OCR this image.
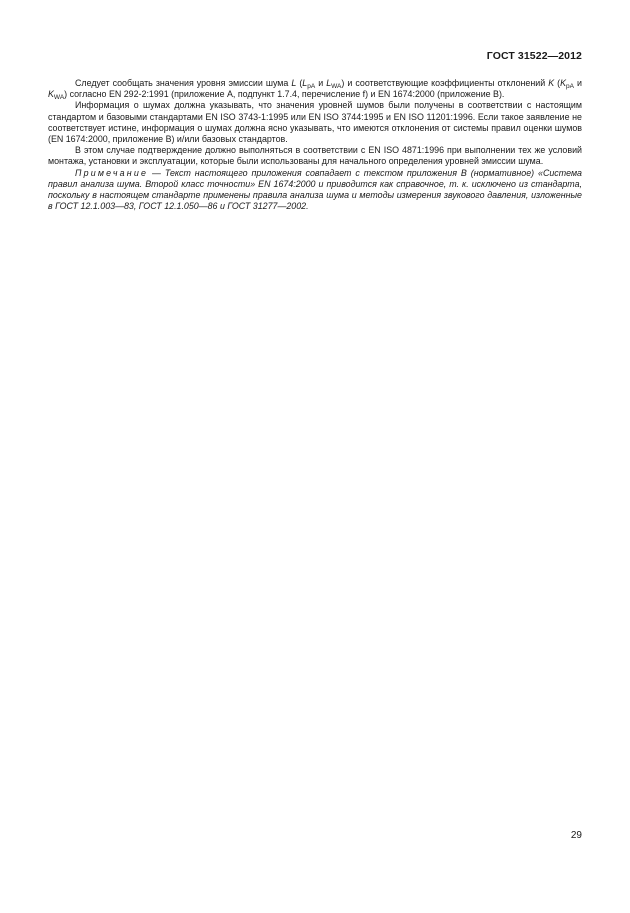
ГОСТ 31522—2012

Следует сообщать значения уровня эмиссии шума L ($L_{pA}$ и $L_{WA}$) и соответствующие коэффициенты отклонений K ($K_{pA}$ и $K_{WA}$) согласно EN 292-2:1991 (приложение А, подпункт 1.7.4, перечисление f) и EN 1674:2000 (приложение В).

Информация о шумах должна указывать, что значения уровней шумов были получены в соответствии с настоящим стандартом и базовыми стандартами EN ISO 3743-1:1995 или EN ISO 3744:1995 и EN ISO 11201:1996. Если такое заявление не соответствует истине, информация о шумах должна ясно указывать, что имеются отклонения от системы правил оценки шумов (EN 1674:2000, приложение В) и/или базовых стандартов.

В этом случае подтверждение должно выполняться в соответствии с EN ISO 4871:1996 при выполнении тех же условий монтажа, установки и эксплуатации, которые были использованы для начального определения уровней эмиссии шума.

Примечание — Текст настоящего приложения совпадает с текстом приложения В (нормативное) «Система правил анализа шума. Второй класс точности» EN 1674:2000 и приводится как справочное, т. к. исключено из стандарта, поскольку в настоящем стандарте применены правила анализа шума и методы измерения звукового давления, изложенные в ГОСТ 12.1.003—83, ГОСТ 12.1.050—86 и ГОСТ 31277—2002.

29
